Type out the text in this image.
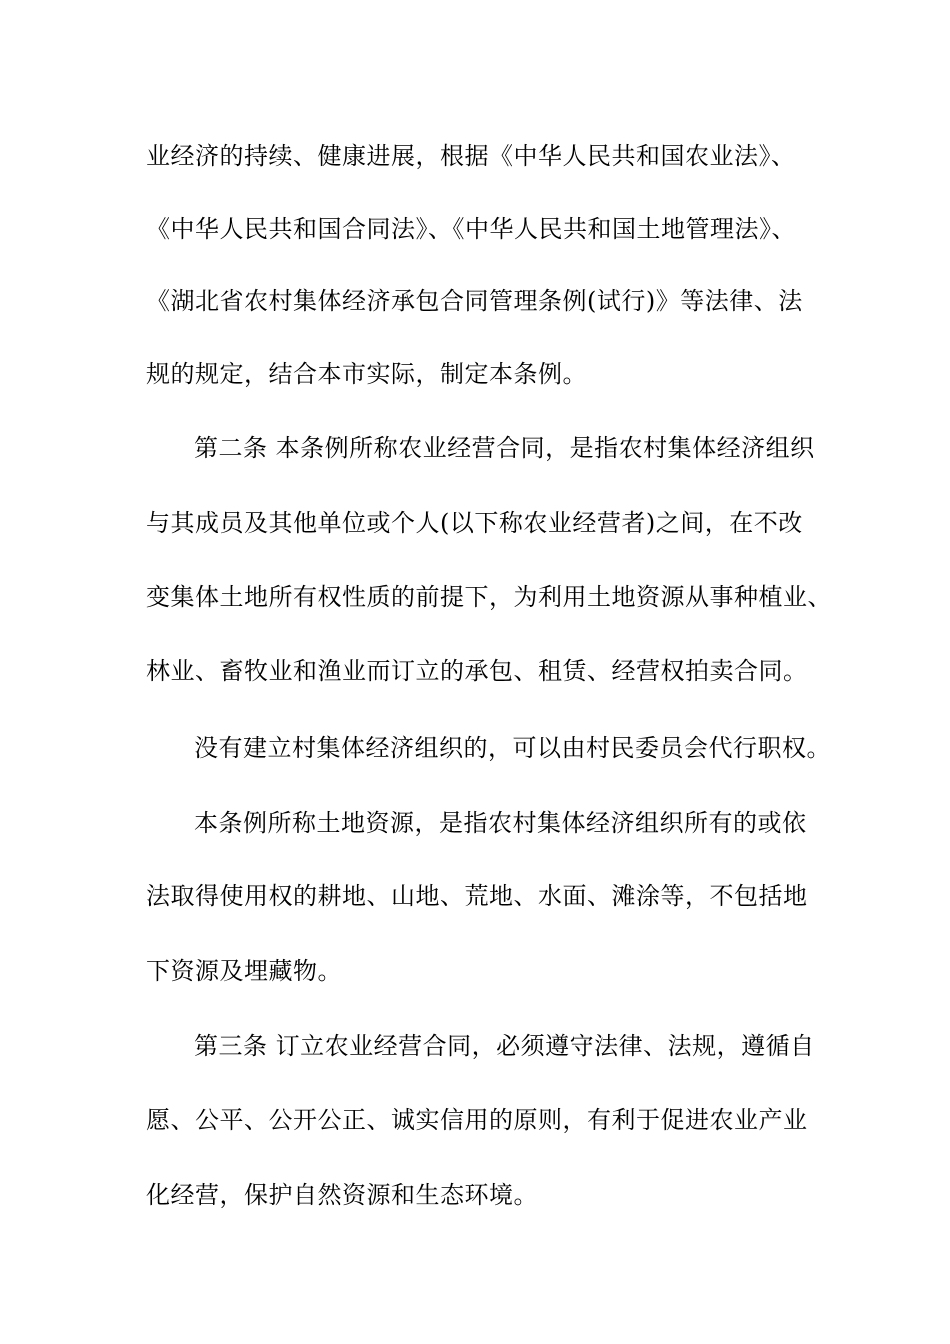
业经济的持续、健康进展，根据《中华人民共和国农业法》、
《中华人民共和国合同法》、《中华人民共和国土地管理法》、
《湖北省农村集体经济承包合同管理条例(试行)》等法律、法
规的规定，结合本市实际，制定本条例。
第二条 本条例所称农业经营合同，是指农村集体经济组织
与其成员及其他单位或个人(以下称农业经营者)之间，在不改
变集体土地所有权性质的前提下，为利用土地资源从事种植业、
林业、畜牧业和渔业而订立的承包、租赁、经营权拍卖合同。
没有建立村集体经济组织的，可以由村民委员会代行职权。
本条例所称土地资源，是指农村集体经济组织所有的或依
法取得使用权的耕地、山地、荒地、水面、滩涂等，不包括地
下资源及埋藏物。
第三条 订立农业经营合同，必须遵守法律、法规，遵循自
愿、公平、公开公正、诚实信用的原则，有利于促进农业产业
化经营，保护自然资源和生态环境。
